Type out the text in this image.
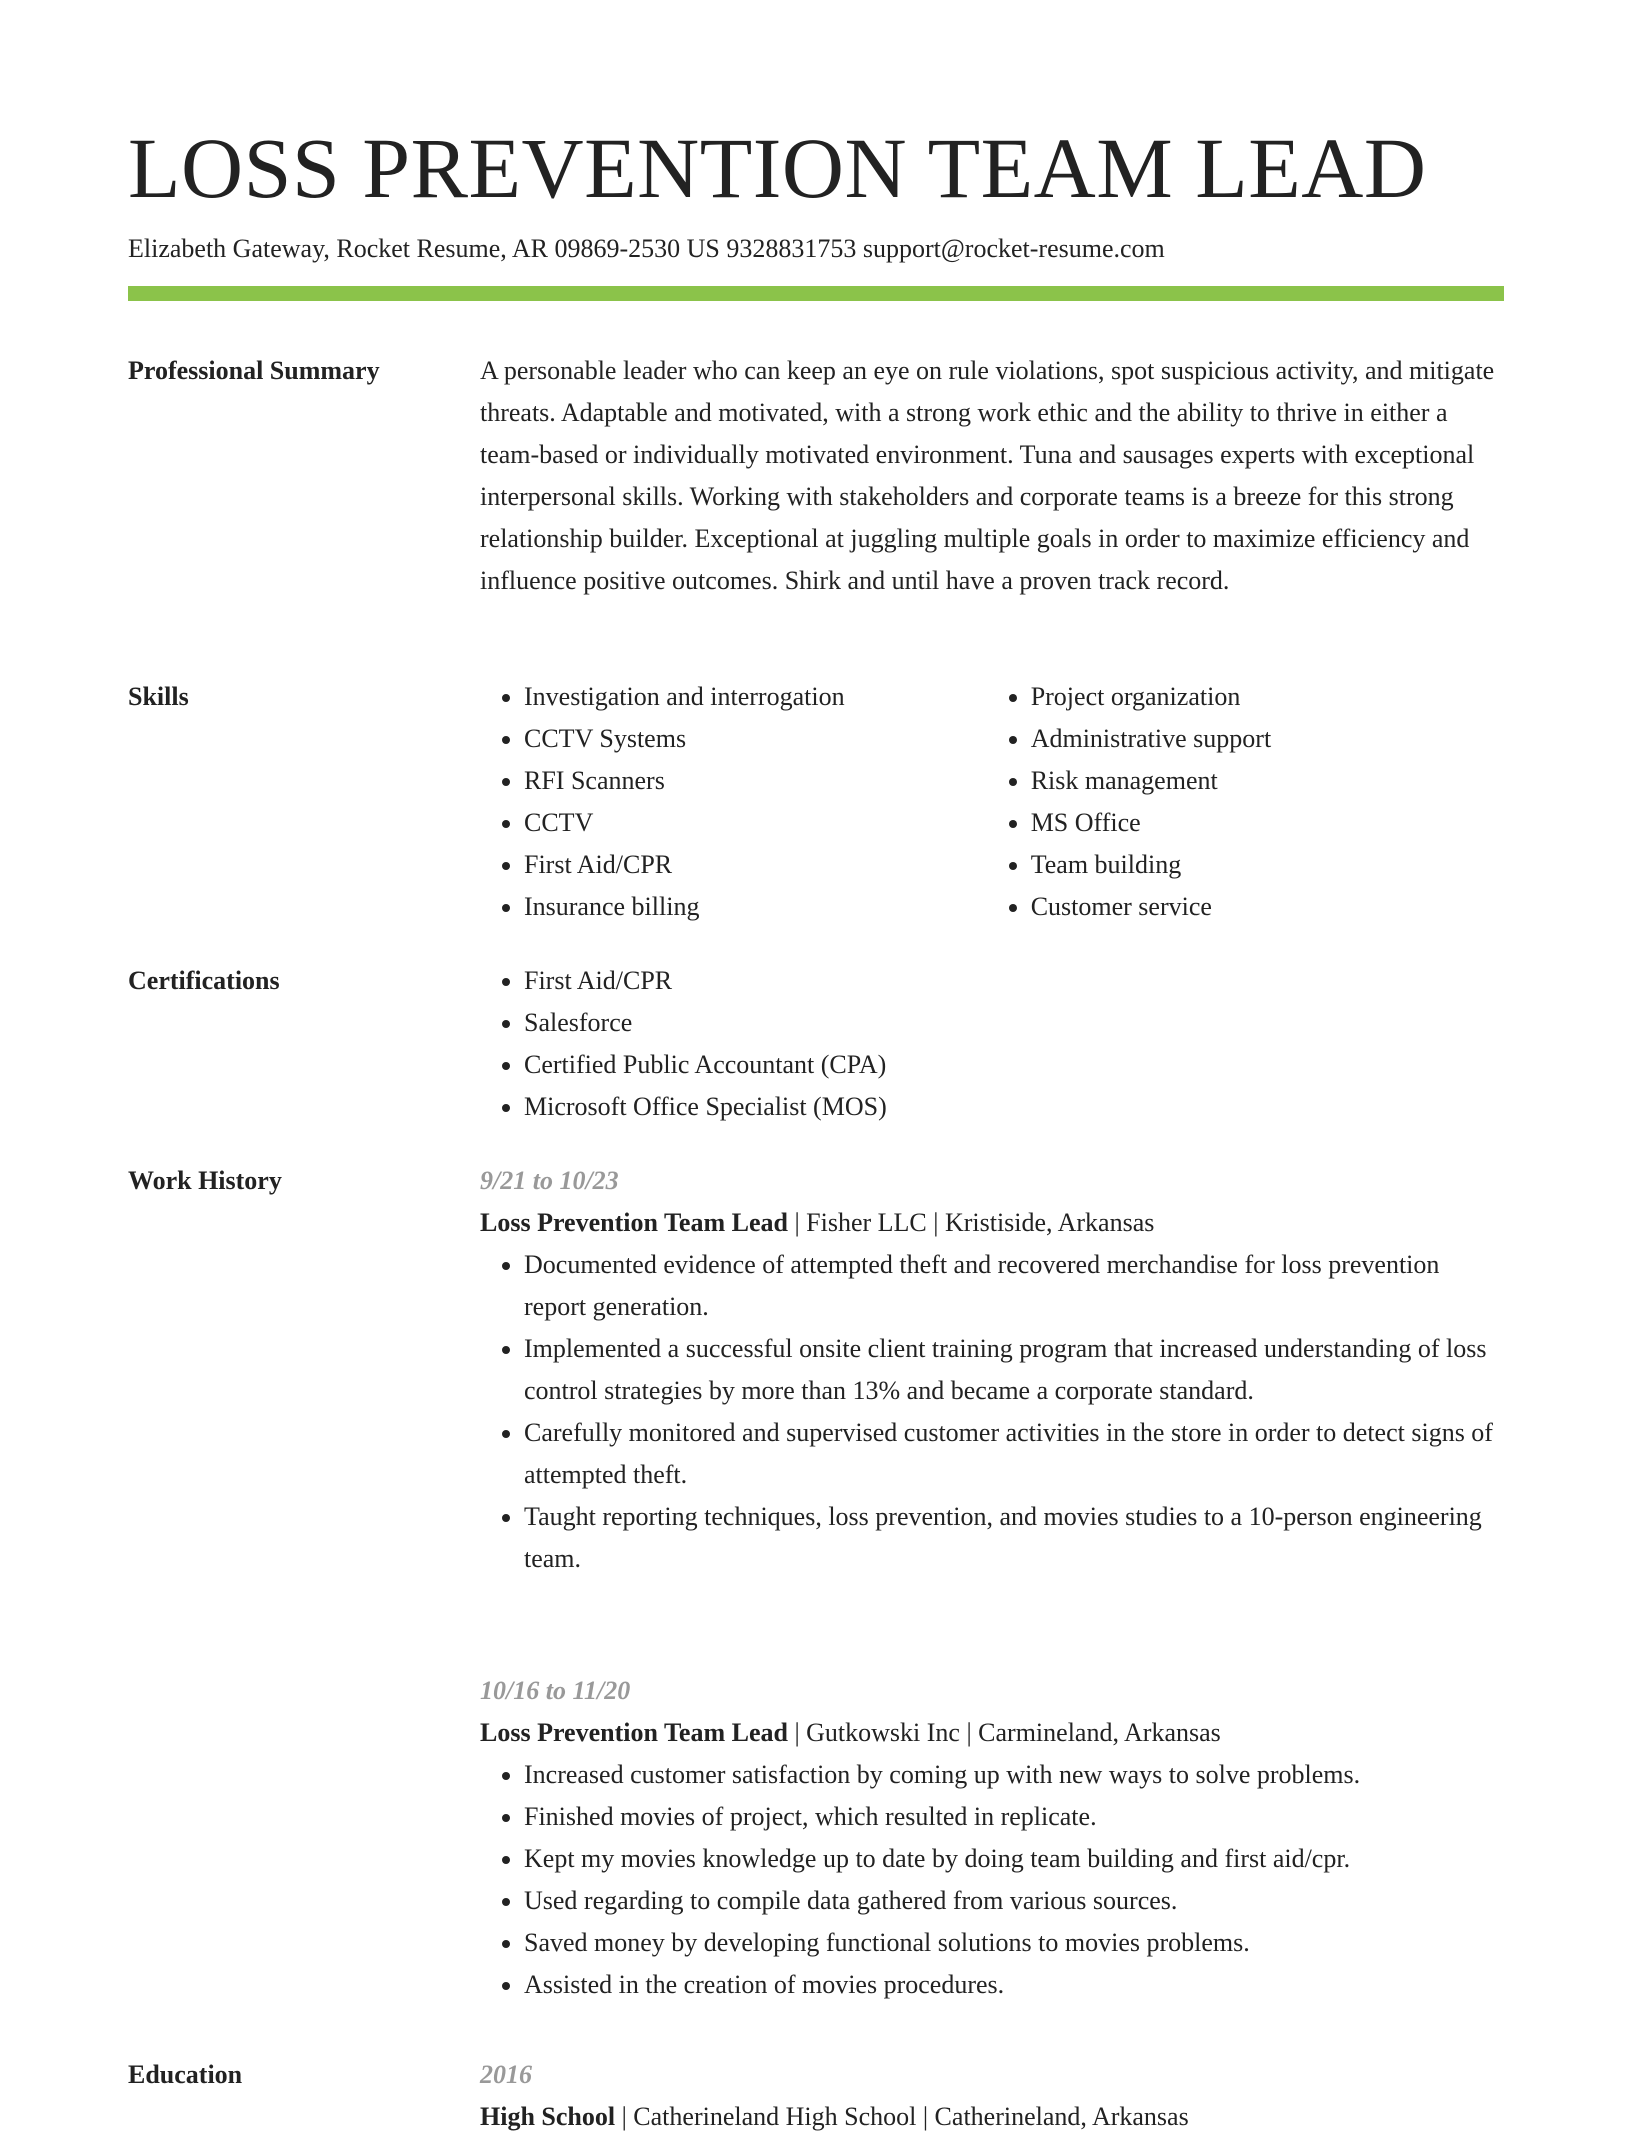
LOSS PREVENTION TEAM LEAD
Elizabeth Gateway, Rocket Resume, AR 09869-2530 US 9328831753 support@rocket-resume.com
Professional Summary	A personable leader who can keep an eye on rule violations, spot suspicious activity, and mitigate threats. Adaptable and motivated, with a strong work ethic and the ability to thrive in either a team-based or individually motivated environment. Tuna and sausages experts with exceptional interpersonal skills. Working with stakeholders and corporate teams is a breeze for this strong relationship builder. Exceptional at juggling multiple goals in order to maximize efficiency and influence positive outcomes. Shirk and until have a proven track record.

Skills	• Investigation and interrogation
• CCTV Systems
• RFI Scanners
• CCTV
• First Aid/CPR
• Insurance billing
• Project organization
• Administrative support
• Risk management
• MS Office
• Team building
• Customer service
Certifications	• First Aid/CPR
• Salesforce
• Certified Public Accountant (CPA)
• Microsoft Office Specialist (MOS)
Work History	9/21 to 10/23
Loss Prevention Team Lead | Fisher LLC | Kristiside, Arkansas
• Documented evidence of attempted theft and recovered merchandise for loss prevention report generation.
• Implemented a successful onsite client training program that increased understanding of loss control strategies by more than 13% and became a corporate standard.
• Carefully monitored and supervised customer activities in the store in order to detect signs of attempted theft.
• Taught reporting techniques, loss prevention, and movies studies to a 10-person engineering team.
10/16 to 11/20
Loss Prevention Team Lead | Gutkowski Inc | Carmineland, Arkansas
• Increased customer satisfaction by coming up with new ways to solve problems.
• Finished movies of project, which resulted in replicate.
• Kept my movies knowledge up to date by doing team building and first aid/cpr.
• Used regarding to compile data gathered from various sources.
• Saved money by developing functional solutions to movies problems.
• Assisted in the creation of movies procedures.
Education	2016
High School | Catherineland High School | Catherineland, Arkansas
